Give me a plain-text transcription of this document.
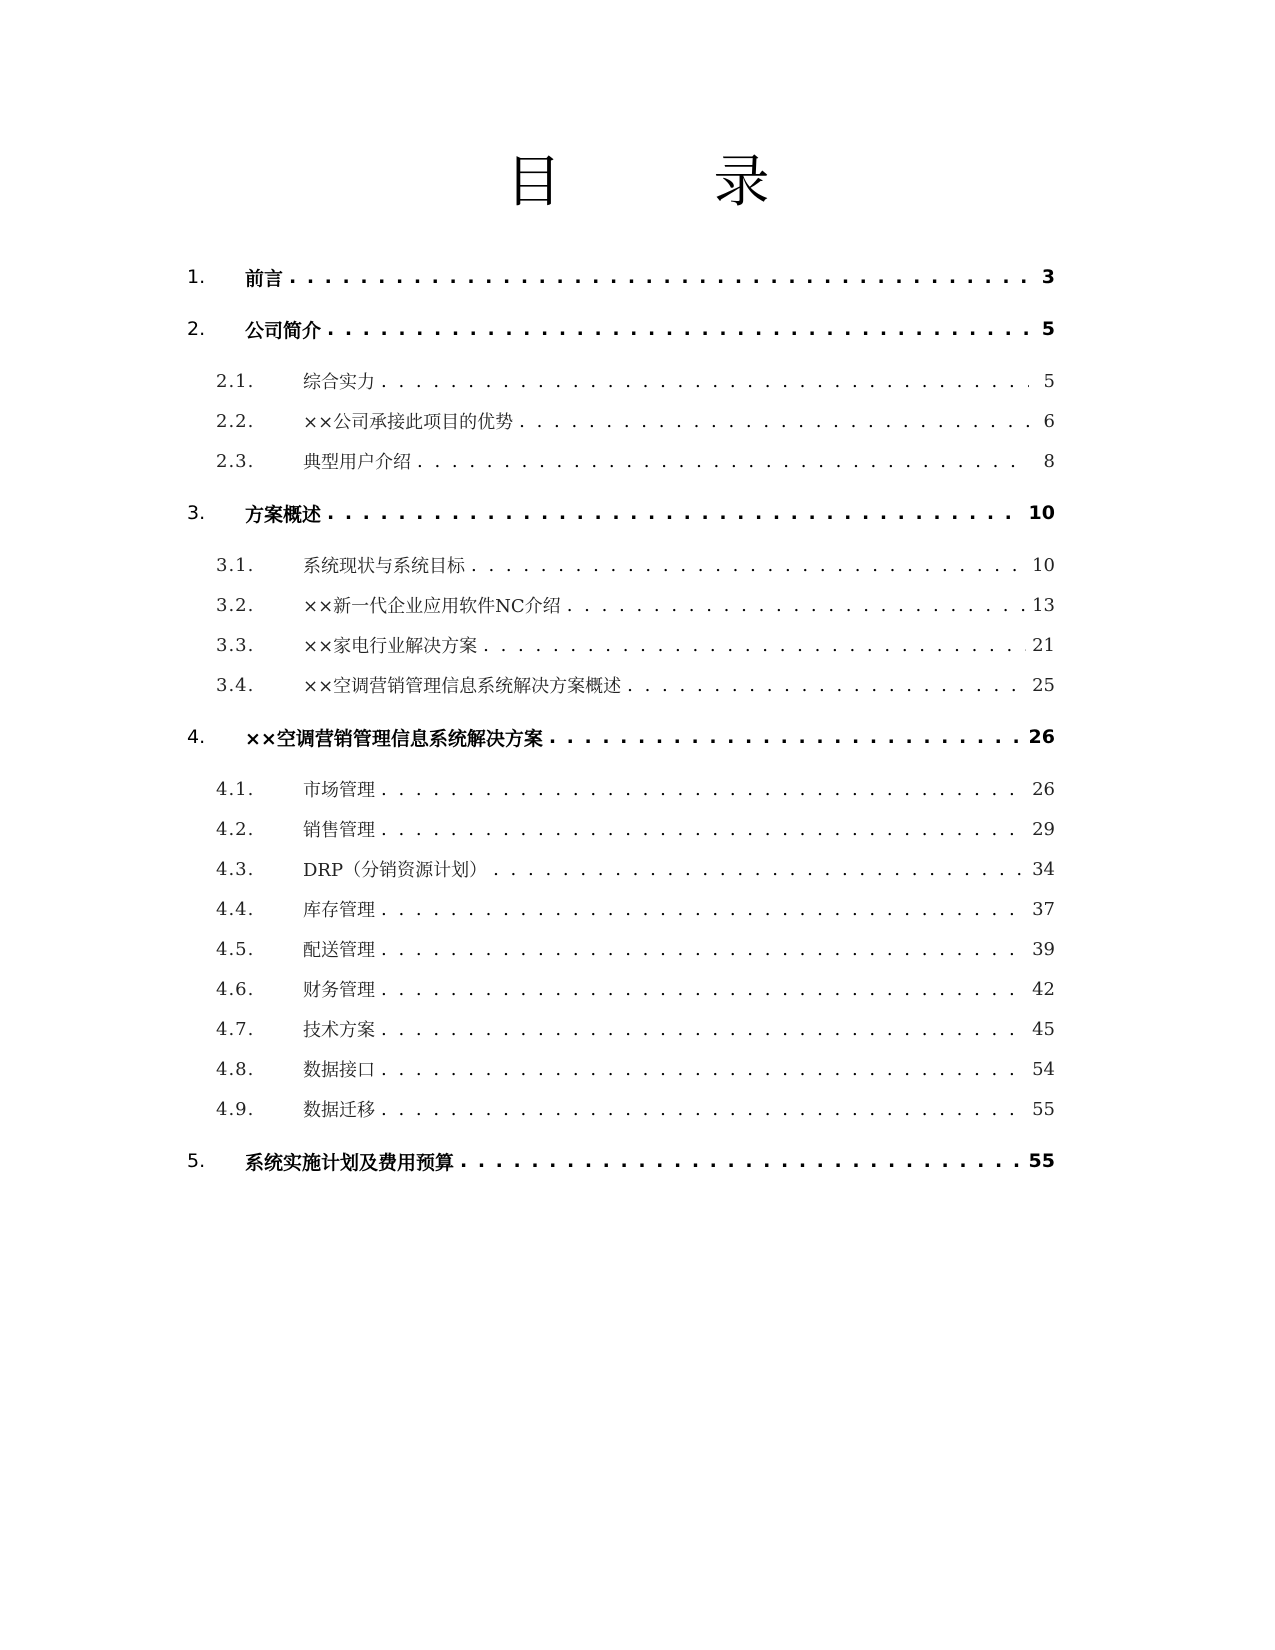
目　录
1.	前言 . . .	3
2.	公司简介 . . .	5
2.1.	综合实力 . . .	5
2.2.	××公司承接此项目的优势 . . .	6
2.3.	典型用户介绍 . . .	8
3.	方案概述 . . .	10
3.1.	系统现状与系统目标 . . .	10
3.2.	××新一代企业应用软件NC介绍 . . .	13
3.3.	××家电行业解决方案 . . .	21
3.4.	××空调营销管理信息系统解决方案概述 . . .	25
4.	××空调营销管理信息系统解决方案 . . .	26
4.1.	市场管理 . . .	26
4.2.	销售管理 . . .	29
4.3.	DRP（分销资源计划） . . .	34
4.4.	库存管理 . . .	37
4.5.	配送管理 . . .	39
4.6.	财务管理 . . .	42
4.7.	技术方案 . . .	45
4.8.	数据接口 . . .	54
4.9.	数据迁移 . . .	55
5.	系统实施计划及费用预算 . . .	55
